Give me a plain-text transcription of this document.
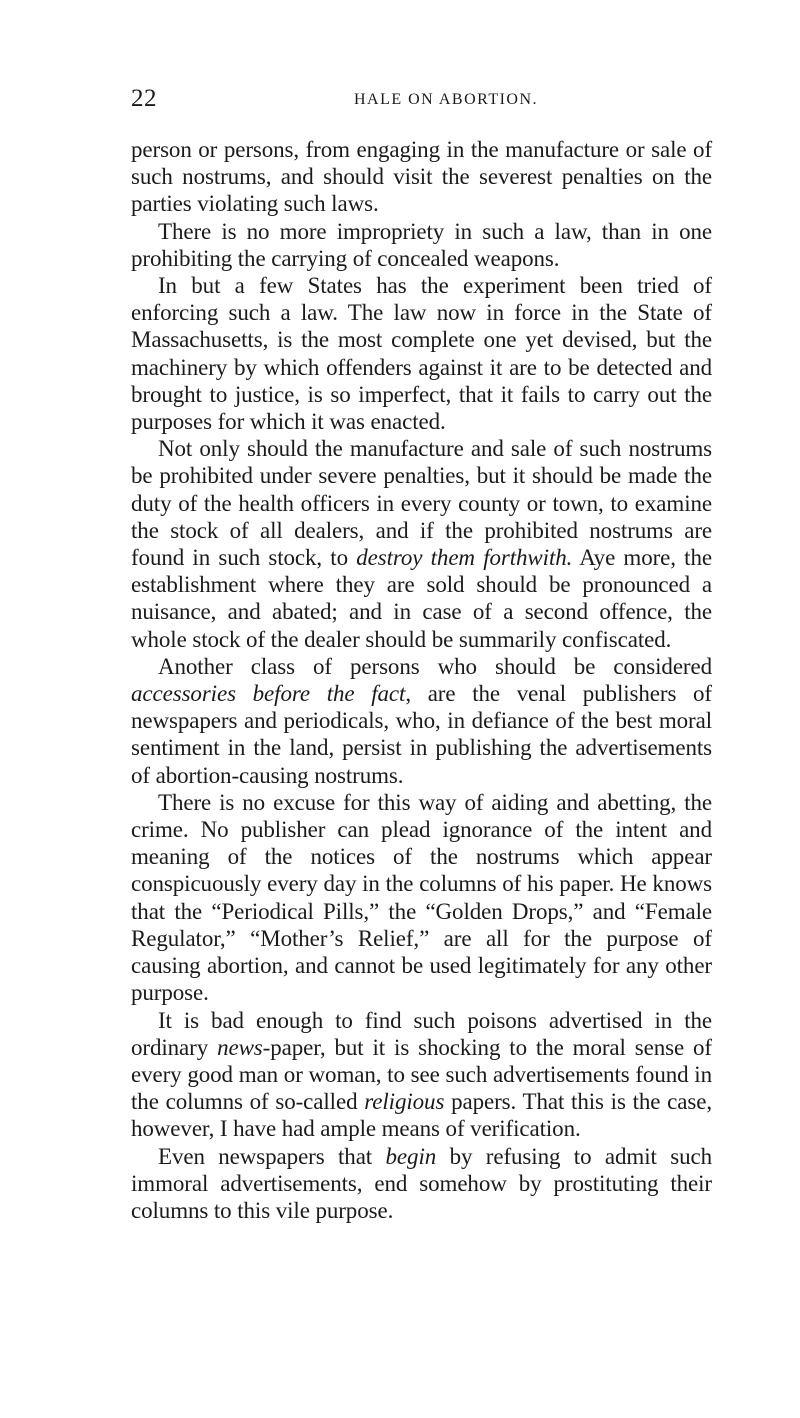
22	HALE ON ABORTION.

person or persons, from engaging in the manufacture or sale of such nostrums, and should visit the severest penalties on the parties violating such laws.

There is no more impropriety in such a law, than in one prohibiting the carrying of concealed weapons.

In but a few States has the experiment been tried of enforcing such a law. The law now in force in the State of Massachusetts, is the most complete one yet devised, but the machinery by which offenders against it are to be detected and brought to justice, is so imperfect, that it fails to carry out the purposes for which it was enacted.

Not only should the manufacture and sale of such nostrums be prohibited under severe penalties, but it should be made the duty of the health officers in every county or town, to examine the stock of all dealers, and if the prohibited nostrums are found in such stock, to destroy them forthwith. Aye more, the establishment where they are sold should be pronounced a nuisance, and abated; and in case of a second offence, the whole stock of the dealer should be summarily confiscated.

Another class of persons who should be considered accessories before the fact, are the venal publishers of newspapers and periodicals, who, in defiance of the best moral sentiment in the land, persist in publishing the advertisements of abortion-causing nostrums.

There is no excuse for this way of aiding and abetting, the crime. No publisher can plead ignorance of the intent and meaning of the notices of the nostrums which appear conspicuously every day in the columns of his paper. He knows that the “Periodical Pills,” the “Golden Drops,” and “Female Regulator,” “Mother’s Relief,” are all for the purpose of causing abortion, and cannot be used legitimately for any other purpose.

It is bad enough to find such poisons advertised in the ordinary news-paper, but it is shocking to the moral sense of every good man or woman, to see such advertisements found in the columns of so-called religious papers. That this is the case, however, I have had ample means of verification.

Even newspapers that begin by refusing to admit such immoral advertisements, end somehow by prostituting their columns to this vile purpose.
